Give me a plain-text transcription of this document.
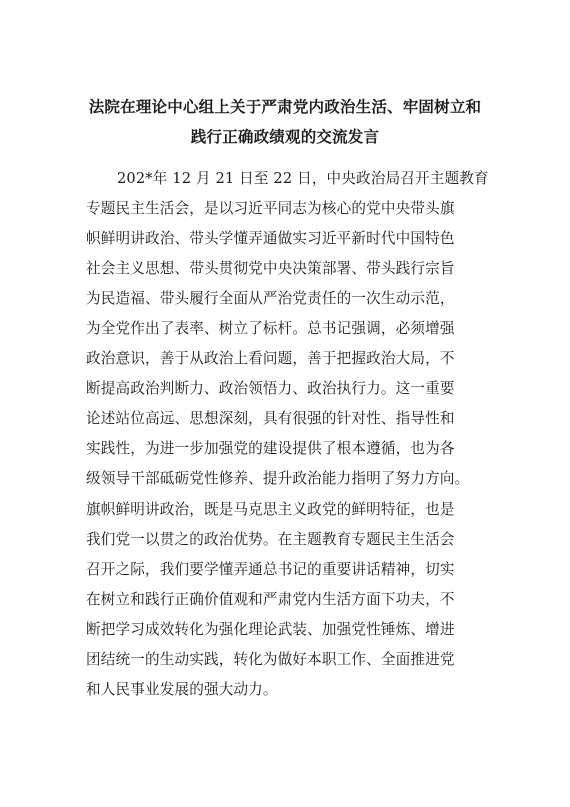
法院在理论中心组上关于严肃党内政治生活、牢固树立和
践行正确政绩观的交流发言
202*年 12 月 21 日至 22 日，中央政治局召开主题教育
专题民主生活会，是以习近平同志为核心的党中央带头旗
帜鲜明讲政治、带头学懂弄通做实习近平新时代中国特色
社会主义思想、带头贯彻党中央决策部署、带头践行宗旨
为民造福、带头履行全面从严治党责任的一次生动示范，
为全党作出了表率、树立了标杆。总书记强调，必须增强
政治意识，善于从政治上看问题，善于把握政治大局，不
断提高政治判断力、政治领悟力、政治执行力。这一重要
论述站位高远、思想深刻，具有很强的针对性、指导性和
实践性，为进一步加强党的建设提供了根本遵循，也为各
级领导干部砥砺党性修养、提升政治能力指明了努力方向。
旗帜鲜明讲政治，既是马克思主义政党的鲜明特征，也是
我们党一以贯之的政治优势。在主题教育专题民主生活会
召开之际，我们要学懂弄通总书记的重要讲话精神，切实
在树立和践行正确价值观和严肃党内生活方面下功夫，不
断把学习成效转化为强化理论武装、加强党性锤炼、增进
团结统一的生动实践，转化为做好本职工作、全面推进党
和人民事业发展的强大动力。
